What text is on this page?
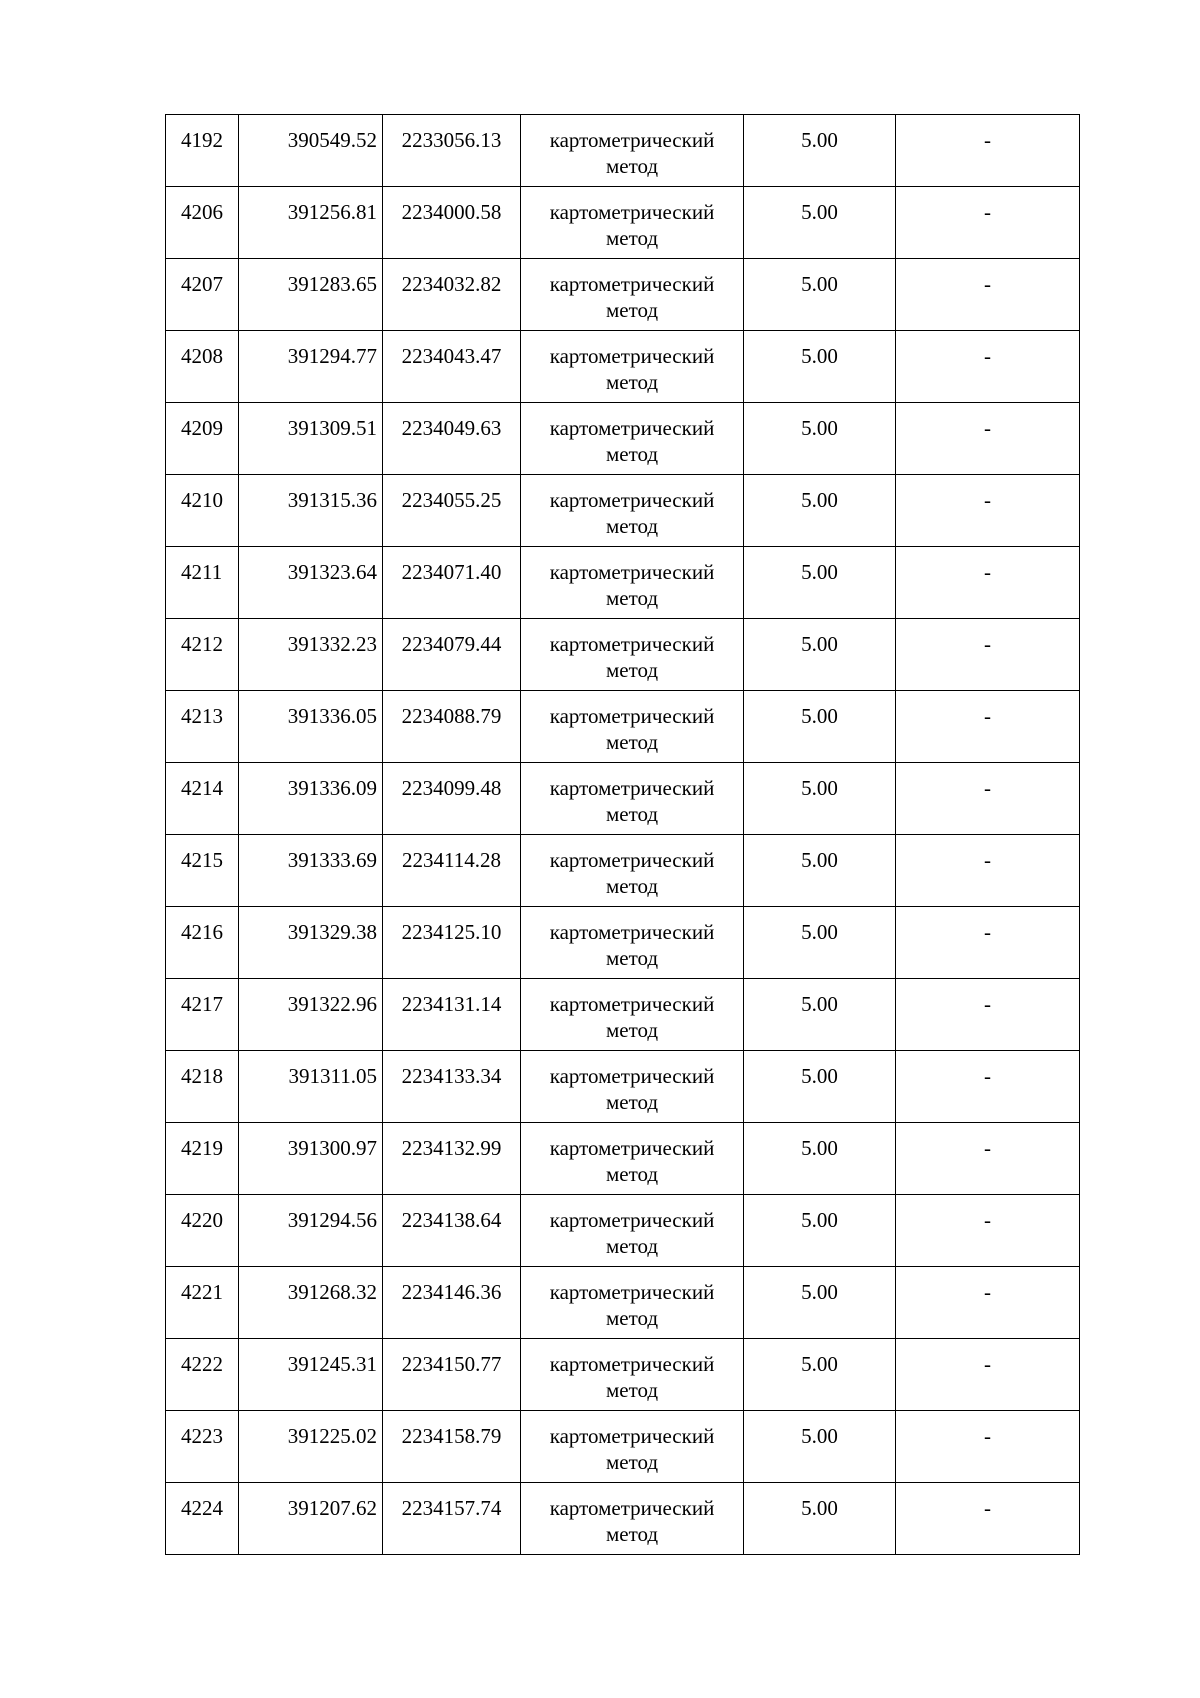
4192	390549.52	2233056.13	картометрический
метод	5.00	-
4206	391256.81	2234000.58	картометрический
метод	5.00	-
4207	391283.65	2234032.82	картометрический
метод	5.00	-
4208	391294.77	2234043.47	картометрический
метод	5.00	-
4209	391309.51	2234049.63	картометрический
метод	5.00	-
4210	391315.36	2234055.25	картометрический
метод	5.00	-
4211	391323.64	2234071.40	картометрический
метод	5.00	-
4212	391332.23	2234079.44	картометрический
метод	5.00	-
4213	391336.05	2234088.79	картометрический
метод	5.00	-
4214	391336.09	2234099.48	картометрический
метод	5.00	-
4215	391333.69	2234114.28	картометрический
метод	5.00	-
4216	391329.38	2234125.10	картометрический
метод	5.00	-
4217	391322.96	2234131.14	картометрический
метод	5.00	-
4218	391311.05	2234133.34	картометрический
метод	5.00	-
4219	391300.97	2234132.99	картометрический
метод	5.00	-
4220	391294.56	2234138.64	картометрический
метод	5.00	-
4221	391268.32	2234146.36	картометрический
метод	5.00	-
4222	391245.31	2234150.77	картометрический
метод	5.00	-
4223	391225.02	2234158.79	картометрический
метод	5.00	-
4224	391207.62	2234157.74	картометрический
метод	5.00	-
